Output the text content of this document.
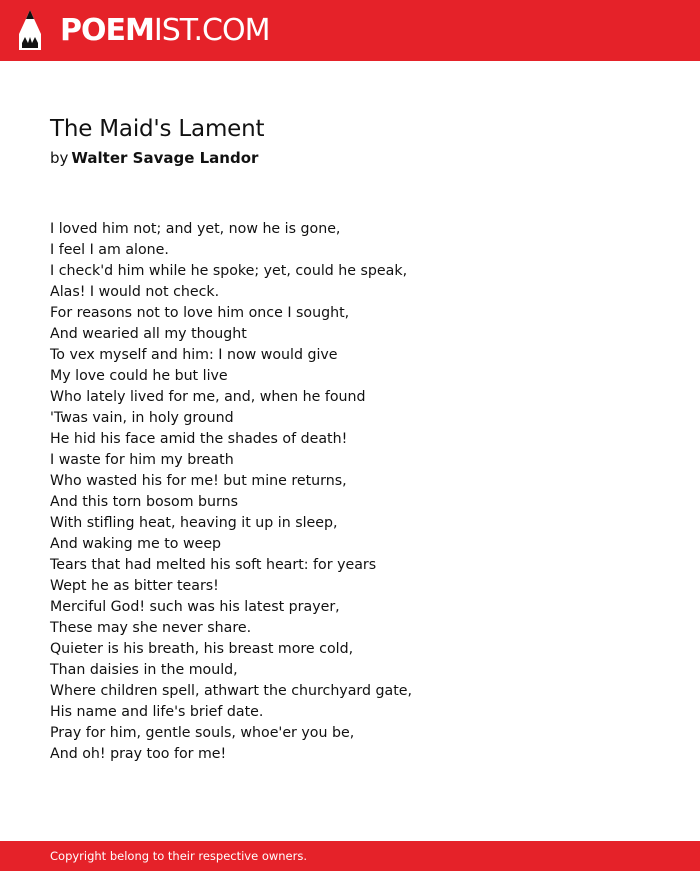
POEMIST.COM
The Maid's Lament
by Walter Savage Landor
I loved him not; and yet, now he is gone,
I feel I am alone.
I check'd him while he spoke; yet, could he speak,
Alas! I would not check.
For reasons not to love him once I sought,
And wearied all my thought
To vex myself and him: I now would give
My love could he but live
Who lately lived for me, and, when he found
'Twas vain, in holy ground
He hid his face amid the shades of death!
I waste for him my breath
Who wasted his for me! but mine returns,
And this torn bosom burns
With stifling heat, heaving it up in sleep,
And waking me to weep
Tears that had melted his soft heart: for years
Wept he as bitter tears!
Merciful God! such was his latest prayer,
These may she never share.
Quieter is his breath, his breast more cold,
Than daisies in the mould,
Where children spell, athwart the churchyard gate,
His name and life's brief date.
Pray for him, gentle souls, whoe'er you be,
And oh! pray too for me!
Copyright belong to their respective owners.
